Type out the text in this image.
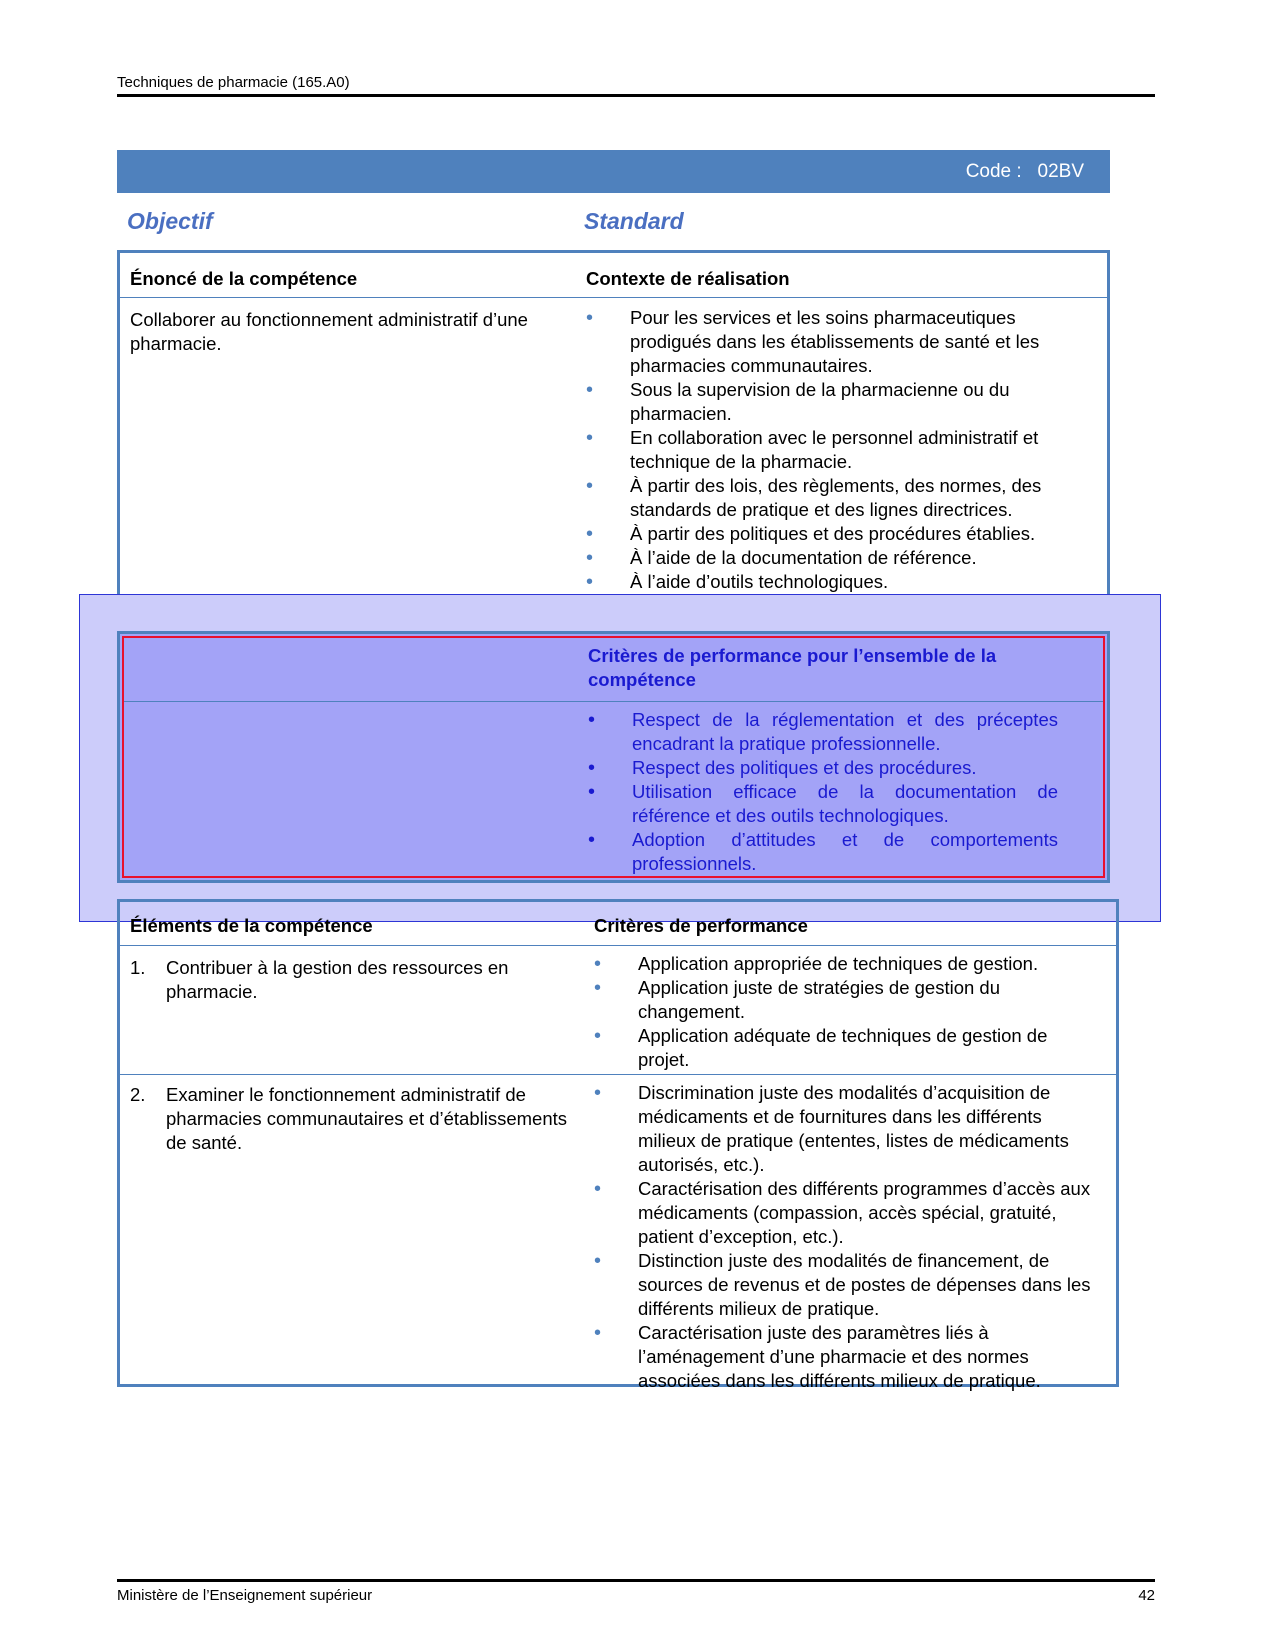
Techniques de pharmacie (165.A0)
Code :   02BV
Objectif	Standard
Énoncé de la compétence	Contexte de réalisation
Collaborer au fonctionnement administratif d’une pharmacie.
• Pour les services et les soins pharmaceutiques prodigués dans les établissements de santé et les pharmacies communautaires.
• Sous la supervision de la pharmacienne ou du pharmacien.
• En collaboration avec le personnel administratif et technique de la pharmacie.
• À partir des lois, des règlements, des normes, des standards de pratique et des lignes directrices.
• À partir des politiques et des procédures établies.
• À l’aide de la documentation de référence.
• À l’aide d’outils technologiques.
Critères de performance pour l’ensemble de la compétence
• Respect de la réglementation et des préceptes encadrant la pratique professionnelle.
• Respect des politiques et des procédures.
• Utilisation efficace de la documentation de référence et des outils technologiques.
• Adoption d’attitudes et de comportements professionnels.
Éléments de la compétence	Critères de performance
1. Contribuer à la gestion des ressources en pharmacie.
• Application appropriée de techniques de gestion.
• Application juste de stratégies de gestion du changement.
• Application adéquate de techniques de gestion de projet.
2. Examiner le fonctionnement administratif de pharmacies communautaires et d’établissements de santé.
• Discrimination juste des modalités d’acquisition de médicaments et de fournitures dans les différents milieux de pratique (ententes, listes de médicaments autorisés, etc.).
• Caractérisation des différents programmes d’accès aux médicaments (compassion, accès spécial, gratuité, patient d’exception, etc.).
• Distinction juste des modalités de financement, de sources de revenus et de postes de dépenses dans les différents milieux de pratique.
• Caractérisation juste des paramètres liés à l’aménagement d’une pharmacie et des normes associées dans les différents milieux de pratique.
Ministère de l’Enseignement supérieur	42
